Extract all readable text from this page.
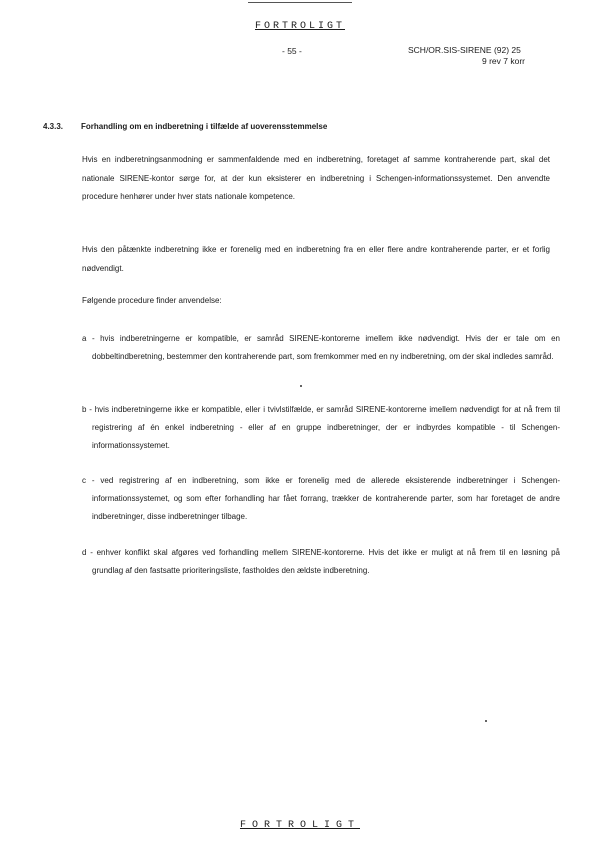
FORTROLIGT
- 55 -	SCH/OR.SIS-SIRENE (92) 25
9 rev 7 korr
4.3.3. Forhandling om en indberetning i tilfælde af uoverensstemmelse

Hvis en indberetningsanmodning er sammenfaldende med en indberetning, foretaget af samme kontraherende part, skal det nationale SIRENE-kontor sørge for, at der kun eksisterer en indberetning i Schengen-informationssystemet. Den anvendte procedure henhører under hver stats nationale kompetence.

Hvis den påtænkte indberetning ikke er forenelig med en indberetning fra en eller flere andre kontraherende parter, er et forlig nødvendigt.

Følgende procedure finder anvendelse:

a - hvis indberetningerne er kompatible, er samråd SIRENE-kontorerne imellem ikke nødvendigt. Hvis der er tale om en dobbeltindberetning, bestemmer den kontraherende part, som fremkommer med en ny indberetning, om der skal indledes samråd.

b - hvis indberetningerne ikke er kompatible, eller i tvivlstilfælde, er samråd SIRENE-kontorerne imellem nødvendigt for at nå frem til registrering af én enkel indberetning - eller af en gruppe indberetninger, der er indbyrdes kompatible - til Schengen-informationssystemet.

c - ved registrering af en indberetning, som ikke er forenelig med de allerede eksisterende indberetninger i Schengen-informationssystemet, og som efter forhandling har fået forrang, trækker de kontraherende parter, som har foretaget de andre indberetninger, disse indberetninger tilbage.

d - enhver konflikt skal afgøres ved forhandling mellem SIRENE-kontorerne. Hvis det ikke er muligt at nå frem til en løsning på grundlag af den fastsatte prioriteringsliste, fastholdes den ældste indberetning.

FORTROLIGT
